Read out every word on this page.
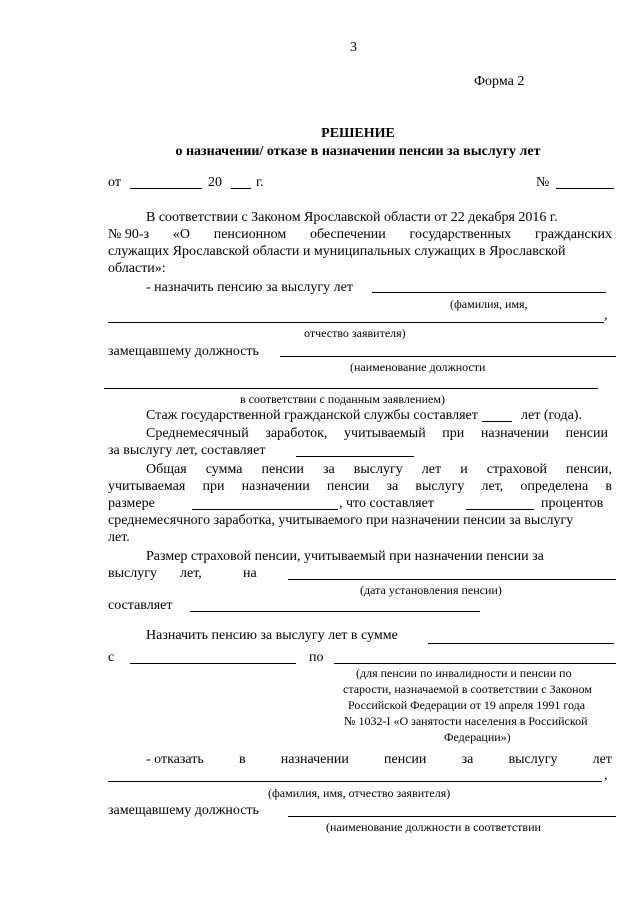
3
Форма 2
РЕШЕНИЕ
о назначении/ отказе в назначении пенсии за выслугу лет
от	20 г.	№
В соответствии с Законом Ярославской области от 22 декабря 2016 г.
№ 90-з «О пенсионном обеспечении государственных гражданских
служащих Ярославской области и муниципальных служащих в Ярославской
области»:
- назначить пенсию за выслугу лет
(фамилия, имя,
,
отчество заявителя)
замещавшему должность
(наименование должности
в соответствии с поданным заявлением)
Стаж государственной гражданской службы составляет	лет (года).
Среднемесячный заработок, учитываемый при назначении пенсии
за выслугу лет, составляет
Общая сумма пенсии за выслугу лет и страховой пенсии,
учитываемая при назначении пенсии за выслугу лет, определена в
размере	, что составляет	процентов
среднемесячного заработка, учитываемого при назначении пенсии за выслугу
лет.
Размер страховой пенсии, учитываемый при назначении пенсии за
выслугу лет,	на
(дата установления пенсии)
составляет
Назначить пенсию за выслугу лет в сумме
с	по
(для пенсии по инвалидности и пенсии по
старости, назначаемой в соответствии с Законом
Российской Федерации от 19 апреля 1991 года
№ 1032-I «О занятости населения в Российской
Федерации»)
- отказать	в	назначении	пенсии	за	выслугу	лет
,
(фамилия, имя, отчество заявителя)
замещавшему должность
(наименование должности в соответствии
